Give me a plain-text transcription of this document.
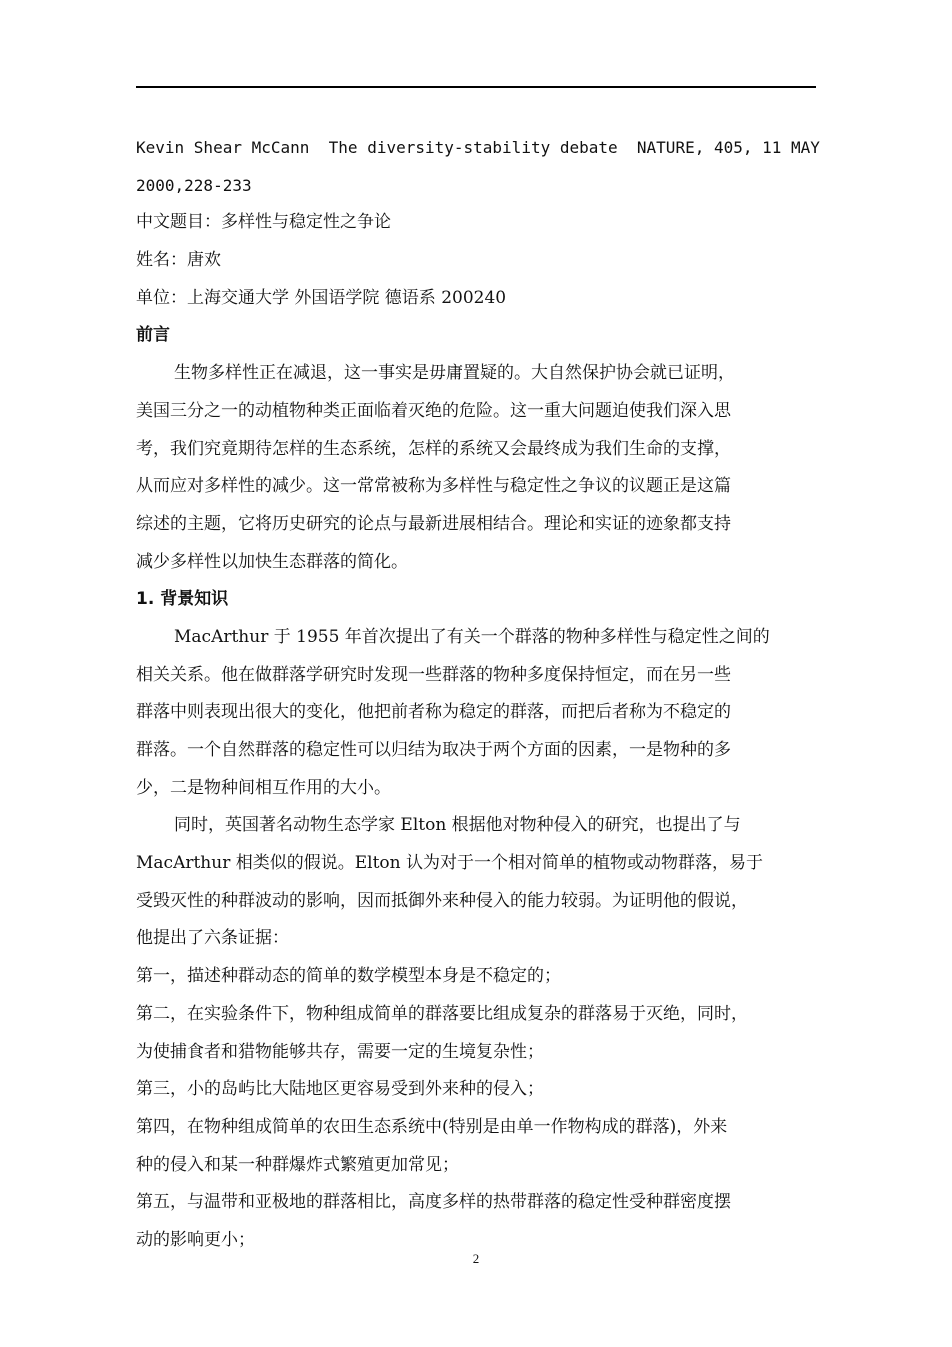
Kevin Shear McCann  The diversity-stability debate  NATURE, 405, 11 MAY
2000,228-233
中文题目：多样性与稳定性之争论
姓名：唐欢
单位：上海交通大学 外国语学院 德语系 200240
前言
生物多样性正在减退，这一事实是毋庸置疑的。大自然保护协会就已证明，
美国三分之一的动植物种类正面临着灭绝的危险。这一重大问题迫使我们深入思
考，我们究竟期待怎样的生态系统，怎样的系统又会最终成为我们生命的支撑，
从而应对多样性的减少。这一常常被称为多样性与稳定性之争议的议题正是这篇
综述的主题，它将历史研究的论点与最新进展相结合。理论和实证的迹象都支持
减少多样性以加快生态群落的简化。
1. 背景知识
MacArthur 于 1955 年首次提出了有关一个群落的物种多样性与稳定性之间的
相关关系。他在做群落学研究时发现一些群落的物种多度保持恒定，而在另一些
群落中则表现出很大的变化，他把前者称为稳定的群落，而把后者称为不稳定的
群落。一个自然群落的稳定性可以归结为取决于两个方面的因素，一是物种的多
少，二是物种间相互作用的大小。
同时，英国著名动物生态学家 Elton 根据他对物种侵入的研究，也提出了与
MacArthur 相类似的假说。Elton 认为对于一个相对简单的植物或动物群落，易于
受毁灭性的种群波动的影响，因而抵御外来种侵入的能力较弱。为证明他的假说，
他提出了六条证据：
第一，描述种群动态的简单的数学模型本身是不稳定的；
第二，在实验条件下，物种组成简单的群落要比组成复杂的群落易于灭绝，同时，
为使捕食者和猎物能够共存，需要一定的生境复杂性；
第三，小的岛屿比大陆地区更容易受到外来种的侵入；
第四，在物种组成简单的农田生态系统中(特别是由单一作物构成的群落)，外来
种的侵入和某一种群爆炸式繁殖更加常见；
第五，与温带和亚极地的群落相比，高度多样的热带群落的稳定性受种群密度摆
动的影响更小；
2
